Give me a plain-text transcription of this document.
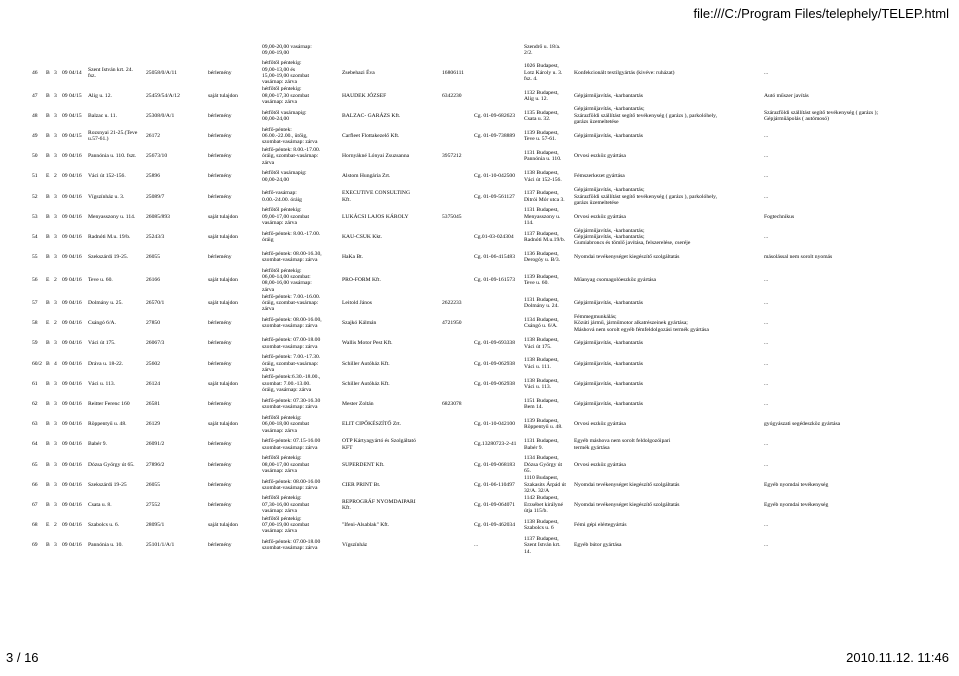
file:///C:/Program Files/telephely/TELEP.html
								09,00-20,00 vasárnap:
09,00-19,00				Szendrő u. 18/a.
2/2.		
46	B	3	09 04/14	Szent István krt. 24. fsz.	25058/0/A/11	bérlemény		hétfőtől péntekig:
09,00-13,00 és
15,00-19,00 szombat
vasárnap: zárva	Zsebehazi Éva	16806111		1026 Budapest,
Lotz Károly u. 3.
fsz. 4.	Konfekcionált textilgyártás (kivéve: ruházat)	...
47	B	3	09 04/15	Alig u. 12.	25459/54/A/12	saját tulajdon		hétfőtől péntekig:
08,00-17,30 szombat
vasárnap: zárva	HAUDEK JÓZSEF	6342230		1132 Budapest,
Alig u. 12.	Gépjárműjavítás, -karbantartás	Autó műszer javítás
48	B	3	09 04/15	Balzac u. 11.	25308/0/A/1	bérlemény		hétfőtől vasárnapig:
00,00-24,00	BALZAC- GARÁZS Kft.		Cg. 01-09-682623	1135 Budapest,
Csata u. 32.	Gépjárműjavítás, -karbantartás;
Szárazföldi szállítást segítő tevékenység ( garázs ), parkolóhely,
garázs üzemeltetése	Szárazföldi szállítást segítő tevékenység ( garázs );
Gépjárműápolás ( autómosó)
49	B	3	09 04/15	Rozsnyai 21-25.(Teve u.57-61.)	26172	bérlemény		hétfő-péntek:
06.00.-22.00., ütőig,
szombat-vasárnap: zárva	Carfleet Flottakezelő Kft.		Cg. 01-09-738889	1139 Budapest,
Teve u. 57-61.	Gépjárműjavítás, -karbantartás	...
50	B	3	09 04/16	Pannónia u. 110. fszt.	25673/10	bérlemény		hétfő-péntek: 8.00.-17.00.
óráig, szombat-vasárnap:
zárva	Hornyákné Lónyai Zsuzsanna	3957212		1131 Budapest,
Pannónia u. 110.	Orvosi eszköz gyártása	...
51	E	2	09 04/16	Váci út 152-156.	25896	bérlemény		hétfőtől vasárnapig:
00,00-24,00	Alstom Hungária Zrt.		Cg. 01-10-042500	1138 Budapest,
Váci út 152-156.	Fémszerkezet gyártása	...
52	B	3	09 04/16	Vígszínház u. 3.	25089/7	bérlemény		hétfő-vasárnap:
0.00.-24.00. óráig	EXECUTIVE CONSULTING
Kft.		Cg. 01-09-561127	1137 Budapest,
Ditrói Mór utca 3.	Gépjárműjavítás, -karbantartás;
Szárazföldi szállítást segítő tevékenység ( garázs ), parkolóhely,
garázs üzemeltetése	...
53	B	3	09 04/16	Menyasszony u. 114.	26085/893	saját tulajdon		hétfőtől péntekig:
09,00-17,00 szombat
vasárnap: zárva	LUKÁCSI LAJOS KÁROLY	5375045		1131 Budapest,
Menyasszony u.
114.	Orvosi eszköz gyártása	Fogtechnikus
54	B	3	09 04/16	Radnóti M.u. 19/b.	25243/3	saját tulajdon		hétfő-péntek: 8.00.-17.00.
óráig	KAU-CSUK Kkt.		Cg.01-03-024304	1137 Budapest,
Radnóti M.u.19/b.	Gépjárműjavítás, -karbantartás;
Gépjárműjavítás, -karbantartás;
Gumiabroncs és tömlő javítása, felszerelése, cseréje	...
55	B	3	09 04/16	Szekszárdi 19-25.	26055	bérlemény		hétfő-péntek: 08.00-16.30,
szombat-vasárnap: zárva	HaKa Bt.		Cg. 01-06-415483	1136 Budapest,
Derogóy u. B/3.	Nyomdai tevékenységet kiegészítő szolgáltatás	másolással nem sorolt nyomás
56	E	2	09 04/16	Teve u. 60.	26166	saját tulajdon		hétfőtől péntekig:
06,00-14,00 szombat:
08,00-16,00 vasárnap:
zárva	PRO-FORM Kft.		Cg. 01-09-161573	1139 Budapest,
Teve u. 60.	Műanyag csomagolóeszköz gyártása	...
57	B	3	09 04/16	Dolmány u. 25.	26570/1	saját tulajdon		hétfő-péntek: 7.00.-16.00.
óráig, szombat-vasárnap:
zárva	Leitold János	2622233		1131 Budapest,
Dolmány u. 24.	Gépjárműjavítás, -karbantartás	...
58	E	2	09 04/16	Csángó 6/A.	27850	bérlemény		hétfő-péntek: 08.00-16.00,
szombat-vasárnap: zárva	Szajkó Kálmán	4721950		1134 Budapest,
Csángó u. 6/A.	Fémmegmunkálás;
Közúti jármű, járműmotor alkatrészeinek gyártása;
Máshová nem sorolt egyéb fémfeldolgozási termék gyártása	...
59	B	3	09 04/16	Váci út 175.	26067/3	bérlemény		hétfő-péntek: 07.00-18.00
szombat-vasárnap: zárva	Wallis Motor Pest Kft.		Cg. 01-09-693338	1138 Budapest,
Váci út 175.	Gépjárműjavítás, -karbantartás	...
60/2	B	4	09 04/16	Dráva u. 18-22.	25602	bérlemény		hétfő-péntek: 7.00.-17.30.
óráig, szombat-vasárnap:
zárva	Schiller Autóház Kft.		Cg. 01-09-062938	1138 Budapest,
Váci u. 111.	Gépjárműjavítás, -karbantartás	...
61	B	3	09 04/16	Váci u. 113.	26124	saját tulajdon		hétfő-péntek:6.30.-18.00.,
szombat: 7.00.-13.00.
óráig, vasárnap: zárva	Schiller Autóház Kft.		Cg. 01-09-062938	1138 Budapest,
Váci u. 113.	Gépjárműjavítás, -karbantartás	...
62	B	3	09 04/16	Reitter Ferenc 160	26581	bérlemény		hétfő-péntek: 07.30-16.30
szombat-vasárnap: zárva	Mester Zoltán	6823078		1151 Budapest,
Bem 14.	Gépjárműjavítás, -karbantartás	...
63	B	3	09 04/16	Röppentyű u. 48.	26129	saját tulajdon		hétfőtől péntekig:
06,00-18,00 szombat
vasárnap: zárva	ELIT CIPŐKÉSZÍTŐ Zrt.		Cg. 01-10-042100	1139 Budapest,
Röppentyű u. 48.	Orvosi eszköz gyártása	gyógyászati segédeszköz gyártása
64	B	3	09 04/16	Babér 9.	26091/2	bérlemény		hétfő-péntek: 07.15-16.00
szombat-vasárnap: zárva	OTP Kártyagyártó és Szolgáltató
KFT		Cg.13280723-2-41	1131 Budapest,
Babér 9.	Egyéb máshova nem sorolt feldolgozóipari
termék gyártása	...
65	B	3	09 04/16	Dózsa György út 65.	27896/2	bérlemény		hétfőtől péntekig:
08,00-17,00 szombat
vasárnap: zárva	SUPERDENT Kft.		Cg. 01-09-068183	1134 Budapest,
Dózsa György út
65.	Orvosi eszköz gyártása	...
66	B	3	09 04/16	Szekszárdi 19-25	26055	bérlemény		hétfő-péntek: 08.00-16.00
szombat-vasárnap: zárva	CIER PRINT Bt.		Cg. 01-06-110497	1110 Budapest,
Szakasits Árpád út
32/A. 32/A	Nyomdai tevékenységet kiegészítő szolgáltatás	Egyéb nyomdai tevékenység
67	B	3	09 04/16	Csata u. 8.	27552	bérlemény		hétfőtől péntekig:
07,30-16,00 szombat
vasárnap: zárva	REPROGRÁF NYOMDAIPARI
Kft.		Cg. 01-09-064071	1142 Budapest,
Erzsébet királyné
útja 115/b.	Nyomdai tevékenységet kiegészítő szolgáltatás	Egyéb nyomdai tevékenység
68	E	2	09 04/16	Szabolcs u. 6.	28095/1	saját tulajdon		hétfőtől péntekig:
07,00-19,00 szombat
vasárnap: zárva	"Ifeni-Alsablak" Kft.		Cg. 01-09-462034	1138 Budapest,
Szabolcs u. 6	Fémi gépi elértegyártás	...
69	B	3	09 04/16	Pannónia u. 10.	25101/1/A/1	bérlemény		hétfő-péntek: 07.00-18.00
szombat-vasárnap: zárva	Vígszínház		...	1137 Budapest,
Szent István krt.
14.	Egyéb bútor gyártása	...
3 / 16	2010.11.12. 11:46
